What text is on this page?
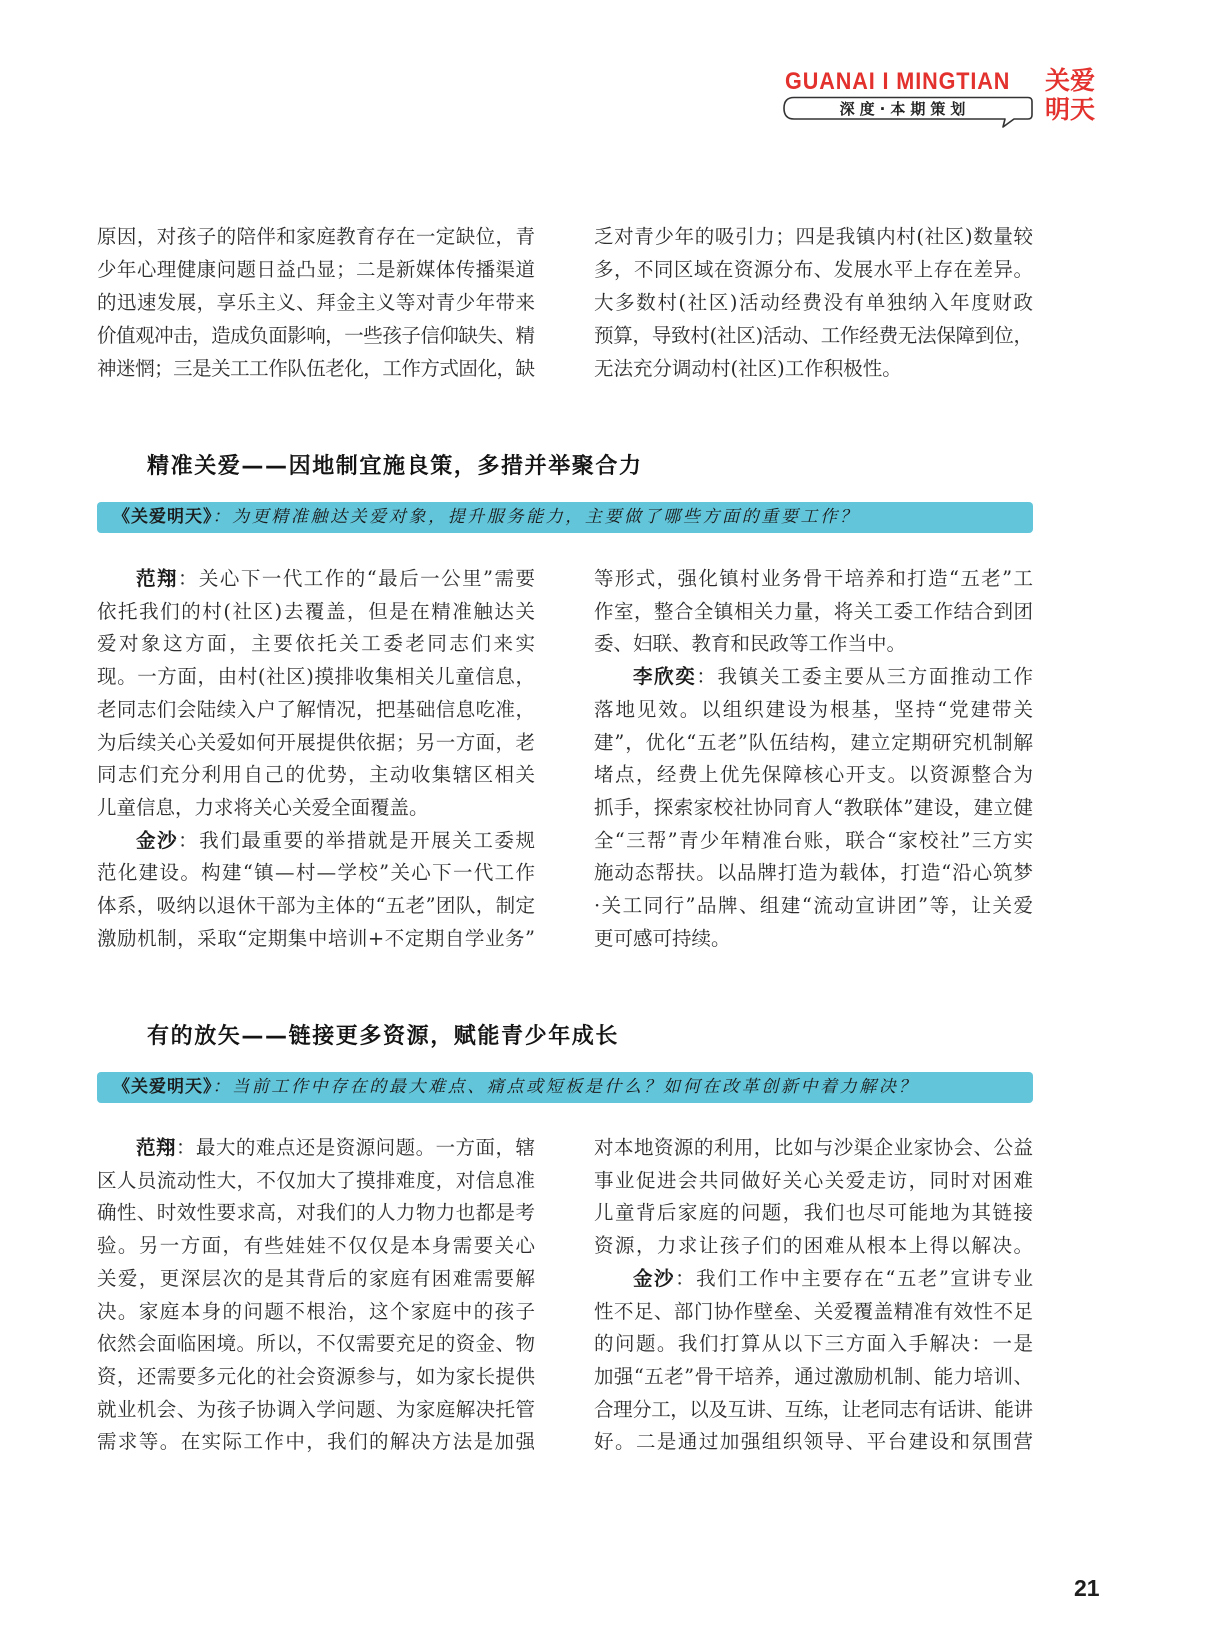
GUANAI I MINGTIAN
深度·本期策划
关爱
明天
原因，对孩子的陪伴和家庭教育存在一定缺位，青
少年心理健康问题日益凸显；二是新媒体传播渠道
的迅速发展，享乐主义、拜金主义等对青少年带来
价值观冲击，造成负面影响，一些孩子信仰缺失、精
神迷惘；三是关工工作队伍老化，工作方式固化，缺
乏对青少年的吸引力；四是我镇内村(社区)数量较
多，不同区域在资源分布、发展水平上存在差异。
大多数村(社区)活动经费没有单独纳入年度财政
预算，导致村(社区)活动、工作经费无法保障到位，
无法充分调动村(社区)工作积极性。
精准关爱——因地制宜施良策，多措并举聚合力
《关爱明天》：为更精准触达关爱对象，提升服务能力，主要做了哪些方面的重要工作？
范翔：关心下一代工作的“最后一公里”需要
依托我们的村(社区)去覆盖，但是在精准触达关
爱对象这方面，主要依托关工委老同志们来实
现。一方面，由村(社区)摸排收集相关儿童信息，
老同志们会陆续入户了解情况，把基础信息吃准，
为后续关心关爱如何开展提供依据；另一方面，老
同志们充分利用自己的优势，主动收集辖区相关
儿童信息，力求将关心关爱全面覆盖。
金沙：我们最重要的举措就是开展关工委规
范化建设。构建“镇—村—学校”关心下一代工作
体系，吸纳以退休干部为主体的“五老”团队，制定
激励机制，采取“定期集中培训+不定期自学业务”
等形式，强化镇村业务骨干培养和打造“五老”工
作室，整合全镇相关力量，将关工委工作结合到团
委、妇联、教育和民政等工作当中。
李欣奕：我镇关工委主要从三方面推动工作
落地见效。以组织建设为根基，坚持“党建带关
建”，优化“五老”队伍结构，建立定期研究机制解
堵点，经费上优先保障核心开支。以资源整合为
抓手，探索家校社协同育人“教联体”建设，建立健
全“三帮”青少年精准台账，联合“家校社”三方实
施动态帮扶。以品牌打造为载体，打造“沿心筑梦
·关工同行”品牌、组建“流动宣讲团”等，让关爱
更可感可持续。
有的放矢——链接更多资源，赋能青少年成长
《关爱明天》：当前工作中存在的最大难点、痛点或短板是什么？如何在改革创新中着力解决？
范翔：最大的难点还是资源问题。一方面，辖
区人员流动性大，不仅加大了摸排难度，对信息准
确性、时效性要求高，对我们的人力物力也都是考
验。另一方面，有些娃娃不仅仅是本身需要关心
关爱，更深层次的是其背后的家庭有困难需要解
决。家庭本身的问题不根治，这个家庭中的孩子
依然会面临困境。所以，不仅需要充足的资金、物
资，还需要多元化的社会资源参与，如为家长提供
就业机会、为孩子协调入学问题、为家庭解决托管
需求等。在实际工作中，我们的解决方法是加强
对本地资源的利用，比如与沙渠企业家协会、公益
事业促进会共同做好关心关爱走访，同时对困难
儿童背后家庭的问题，我们也尽可能地为其链接
资源，力求让孩子们的困难从根本上得以解决。
金沙：我们工作中主要存在“五老”宣讲专业
性不足、部门协作壁垒、关爱覆盖精准有效性不足
的问题。我们打算从以下三方面入手解决：一是
加强“五老”骨干培养，通过激励机制、能力培训、
合理分工，以及互讲、互练，让老同志有话讲、能讲
好。二是通过加强组织领导、平台建设和氛围营
21
